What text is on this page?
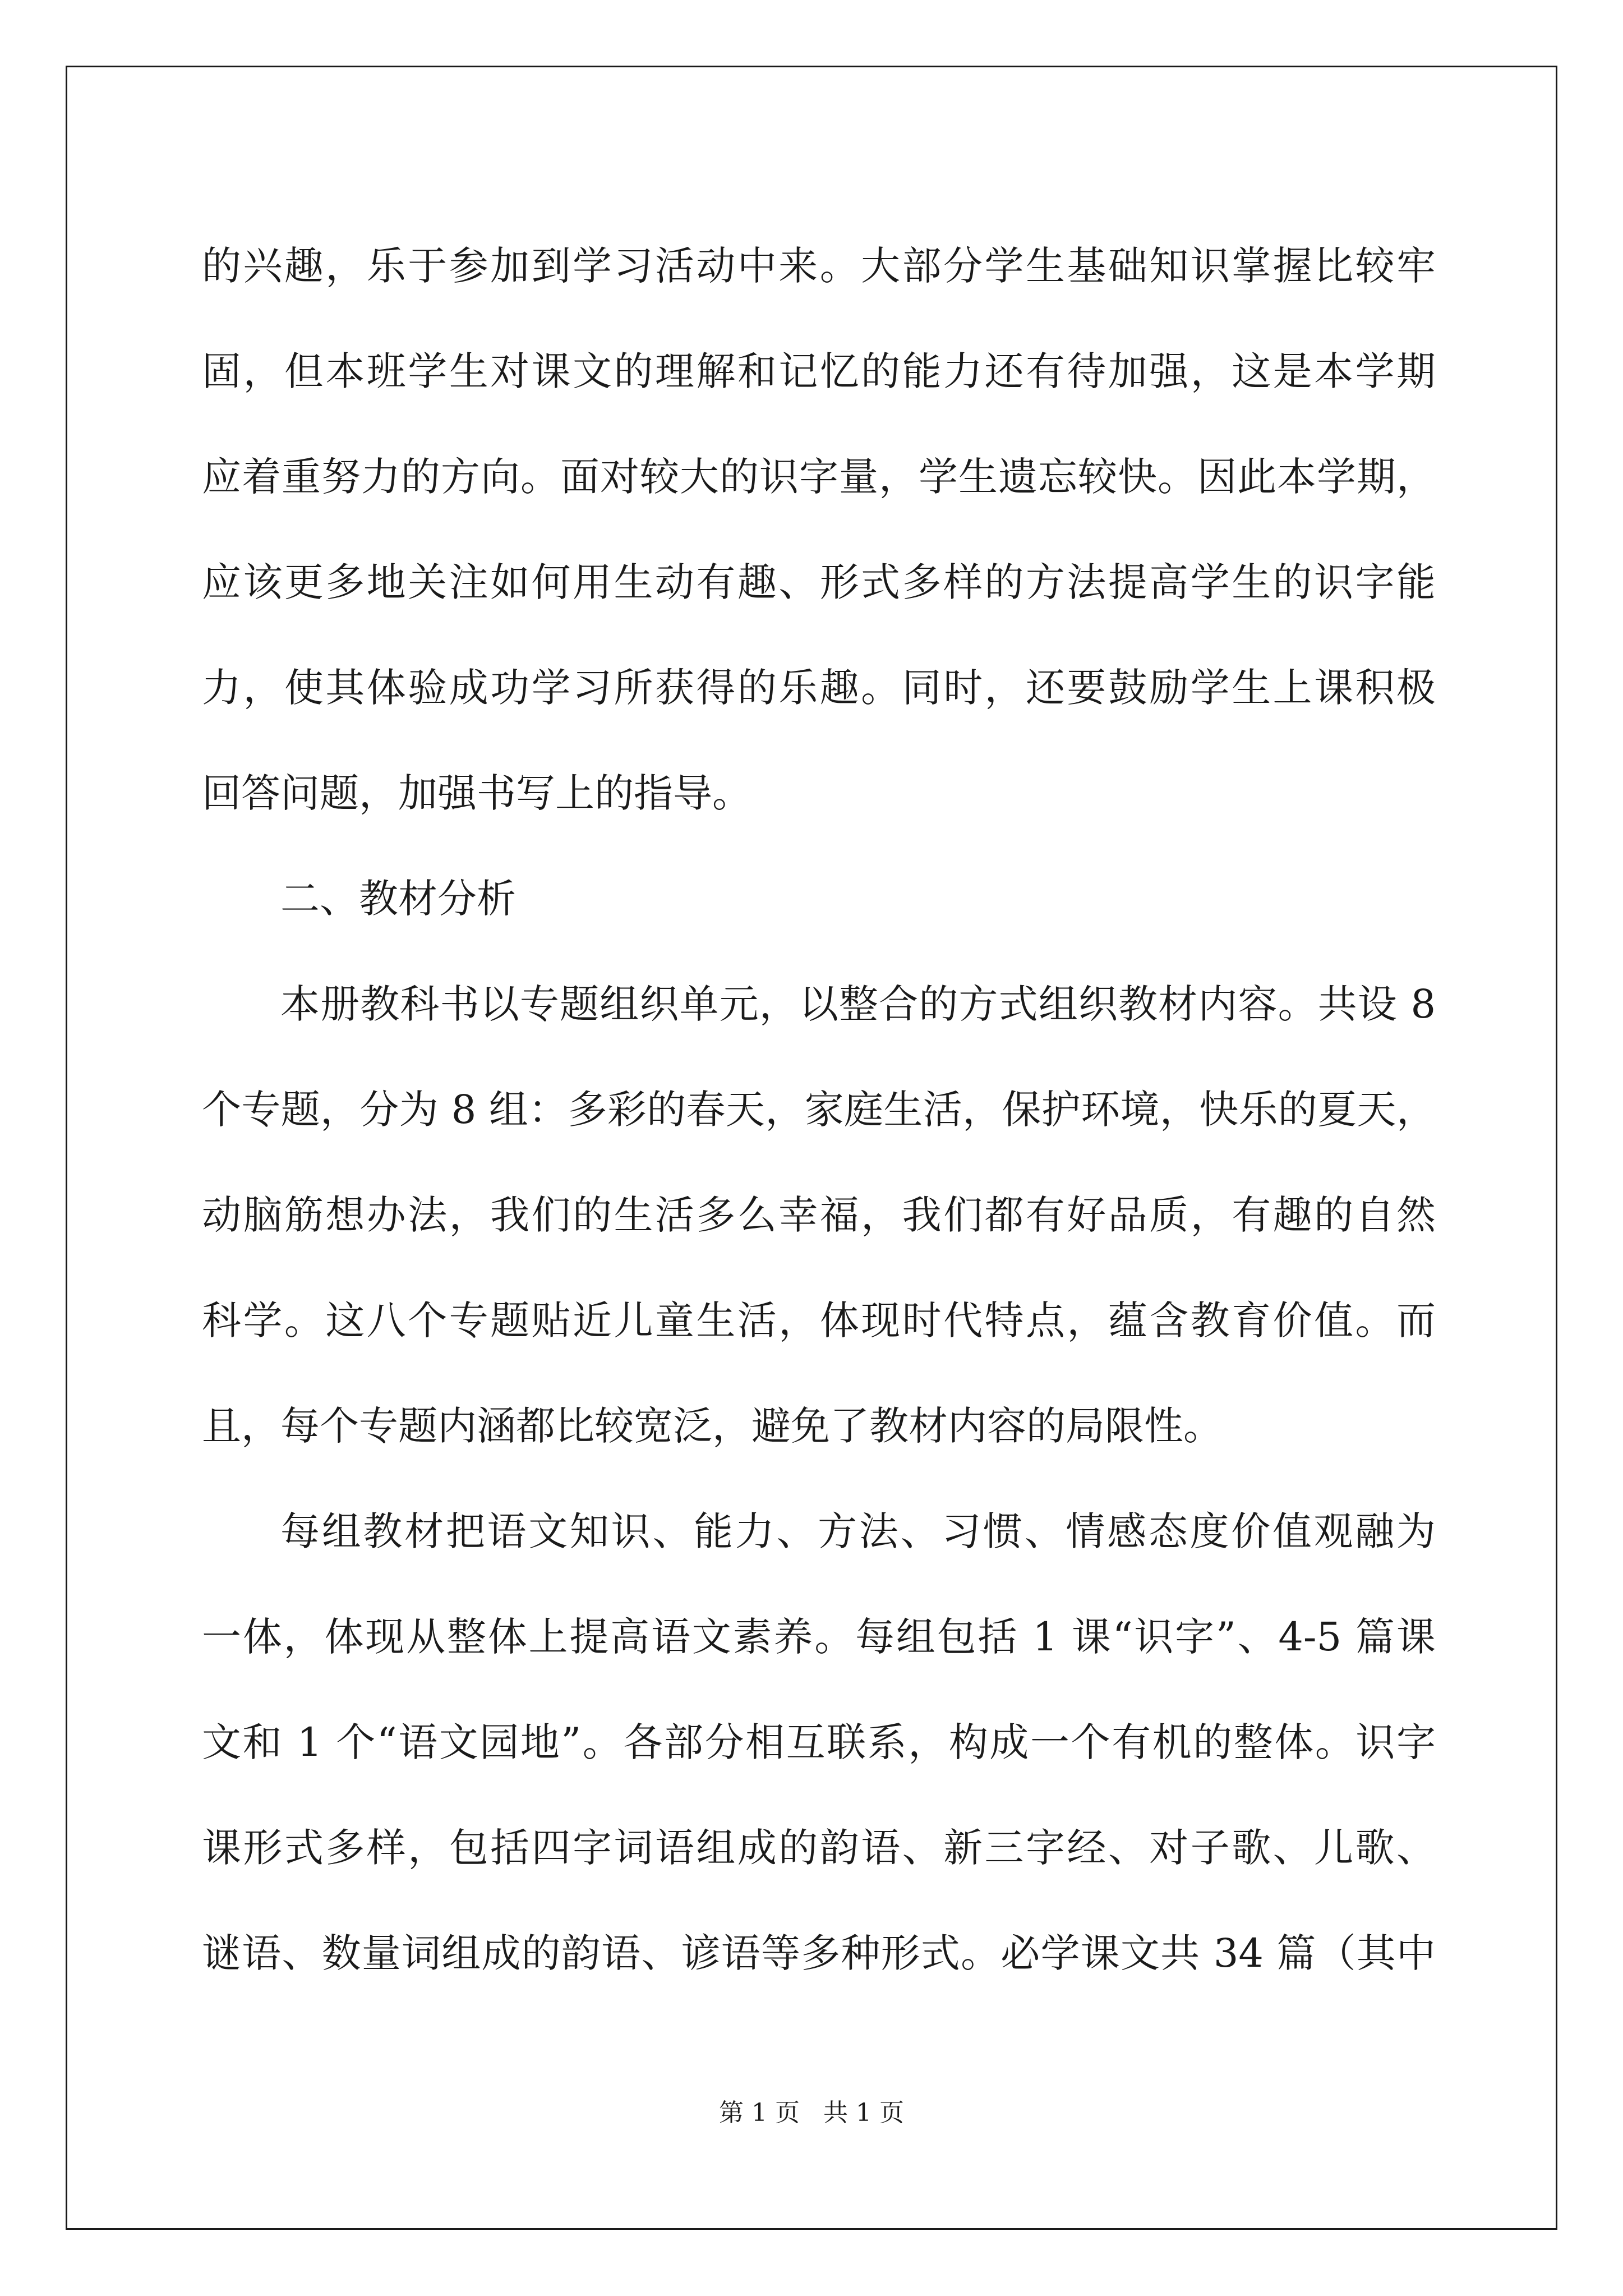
的兴趣，乐于参加到学习活动中来。大部分学生基础知识掌握比较牢
固，但本班学生对课文的理解和记忆的能力还有待加强，这是本学期
应着重努力的方向。面对较大的识字量，学生遗忘较快。因此本学期，
应该更多地关注如何用生动有趣、形式多样的方法提高学生的识字能
力，使其体验成功学习所获得的乐趣。同时，还要鼓励学生上课积极
回答问题，加强书写上的指导。
二、教材分析
本册教科书以专题组织单元，以整合的方式组织教材内容。共设 8
个专题，分为 8 组：多彩的春天，家庭生活，保护环境，快乐的夏天，
动脑筋想办法，我们的生活多么幸福，我们都有好品质，有趣的自然
科学。这八个专题贴近儿童生活，体现时代特点，蕴含教育价值。而
且，每个专题内涵都比较宽泛，避免了教材内容的局限性。
每组教材把语文知识、能力、方法、习惯、情感态度价值观融为
一体，体现从整体上提高语文素养。每组包括 1 课“识字”、4-5 篇课
文和 1 个“语文园地”。各部分相互联系，构成一个有机的整体。识字
课形式多样，包括四字词语组成的韵语、新三字经、对子歌、儿歌、
谜语、数量词组成的韵语、谚语等多种形式。必学课文共 34 篇（其中
第 1 页   共 1 页
